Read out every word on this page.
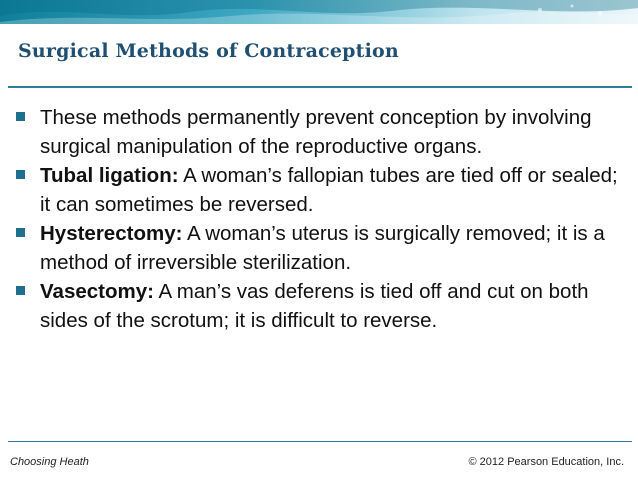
Surgical Methods of Contraception
These methods permanently prevent conception by involving surgical manipulation of the reproductive organs.
Tubal ligation: A woman’s fallopian tubes are tied off or sealed; it can sometimes be reversed.
Hysterectomy: A woman’s uterus is surgically removed; it is a method of irreversible sterilization.
Vasectomy: A man’s vas deferens is tied off and cut on both sides of the scrotum; it is difficult to reverse.
Choosing Heath	© 2012 Pearson Education, Inc.
